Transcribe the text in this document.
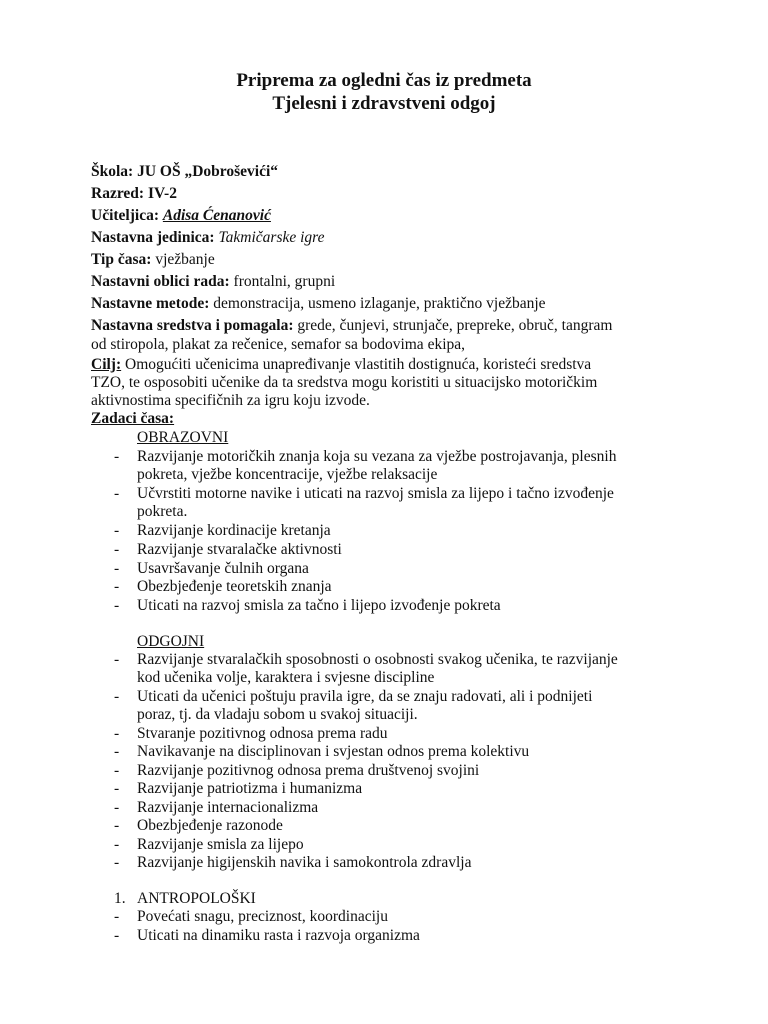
Priprema za ogledni čas iz predmeta
Tjelesni i zdravstveni odgoj
Škola: JU OŠ „Dobroševići“
Razred: IV-2
Učiteljica: Adisa Ćenanović
Nastavna jedinica: Takmičarske igre
Tip časa: vježbanje
Nastavni oblici rada: frontalni, grupni
Nastavne metode: demonstracija, usmeno izlaganje, praktično vježbanje
Nastavna sredstva i pomagala: grede, čunjevi, strunjače, prepreke, obruč, tangram
od stiropola, plakat za rečenice, semafor sa bodovima ekipa,
Cilj: Omogućiti učenicima unapređivanje vlastitih dostignuća, koristeći sredstva
TZO, te osposobiti učenike da ta sredstva mogu koristiti u situacijsko motoričkim
aktivnostima specifičnih za igru koju izvode.
Zadaci časa:
OBRAZOVNI
- Razvijanje motoričkih znanja koja su vezana za vježbe postrojavanja, plesnih
pokreta, vježbe koncentracije, vježbe relaksacije
- Učvrstiti motorne navike i uticati na razvoj smisla za lijepo i tačno izvođenje
pokreta.
- Razvijanje kordinacije kretanja
- Razvijanje stvaralačke aktivnosti
- Usavršavanje čulnih organa
- Obezbjeđenje teoretskih znanja
- Uticati na razvoj smisla za tačno i lijepo izvođenje pokreta
ODGOJNI
- Razvijanje stvaralačkih sposobnosti o osobnosti svakog učenika, te razvijanje
kod učenika volje, karaktera i svjesne discipline
- Uticati da učenici poštuju pravila igre, da se znaju radovati, ali i podnijeti
poraz, tj. da vladaju sobom u svakoj situaciji.
- Stvaranje pozitivnog odnosa prema radu
- Navikavanje na disciplinovan i svjestan odnos prema kolektivu
- Razvijanje pozitivnog odnosa prema društvenoj svojini
- Razvijanje patriotizma i humanizma
- Razvijanje internacionalizma
- Obezbjeđenje razonode
- Razvijanje smisla za lijepo
- Razvijanje higijenskih navika i samokontrola zdravlja
1. ANTROPOLOŠKI
- Povećati snagu, preciznost, koordinaciju
- Uticati na dinamiku rasta i razvoja organizma
